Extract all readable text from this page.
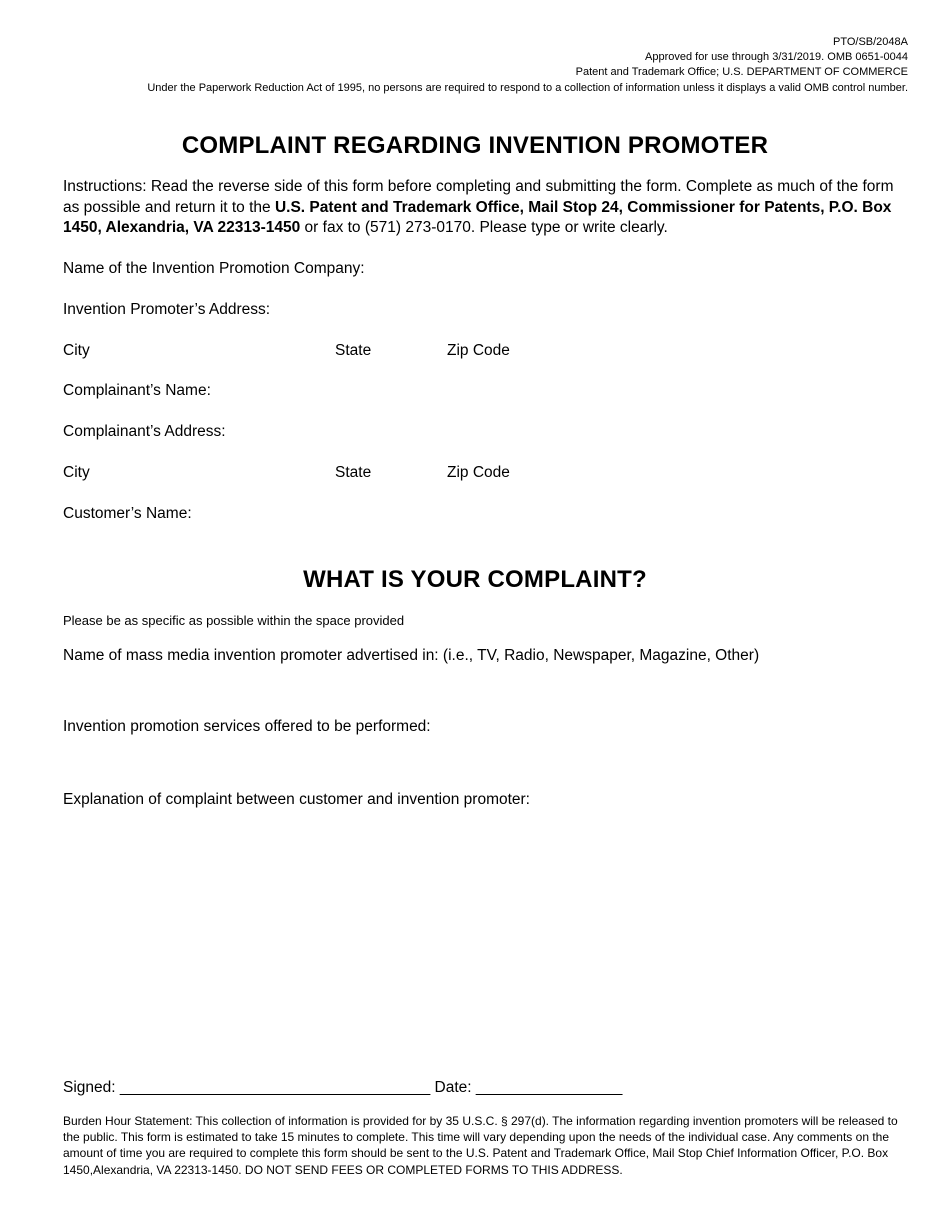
PTO/SB/2048A
Approved for use through 3/31/2019. OMB 0651-0044
Patent and Trademark Office; U.S. DEPARTMENT OF COMMERCE
Under the Paperwork Reduction Act of 1995, no persons are required to respond to a collection of information unless it displays a valid OMB control number.
COMPLAINT REGARDING INVENTION PROMOTER
Instructions: Read the reverse side of this form before completing and submitting the form. Complete as much of the form as possible and return it to the U.S. Patent and Trademark Office, Mail Stop 24, Commissioner for Patents, P.O. Box 1450, Alexandria, VA 22313-1450 or fax to (571) 273-0170. Please type or write clearly.
Name of the Invention Promotion Company:
Invention Promoter’s Address:
City	State	Zip Code
Complainant’s Name:
Complainant’s Address:
City	State	Zip Code
Customer’s Name:
WHAT IS YOUR COMPLAINT?
Please be as specific as possible within the space provided
Name of mass media invention promoter advertised in: (i.e., TV, Radio, Newspaper, Magazine, Other)
Invention promotion services offered to be performed:
Explanation of complaint between customer and invention promoter:
Signed: ____________________________________ Date: _________________
Burden Hour Statement: This collection of information is provided for by 35 U.S.C. § 297(d). The information regarding invention promoters will be released to the public. This form is estimated to take 15 minutes to complete. This time will vary depending upon the needs of the individual case. Any comments on the amount of time you are required to complete this form should be sent to the U.S. Patent and Trademark Office, Mail Stop Chief Information Officer, P.O. Box 1450,Alexandria, VA 22313-1450. DO NOT SEND FEES OR COMPLETED FORMS TO THIS ADDRESS.
